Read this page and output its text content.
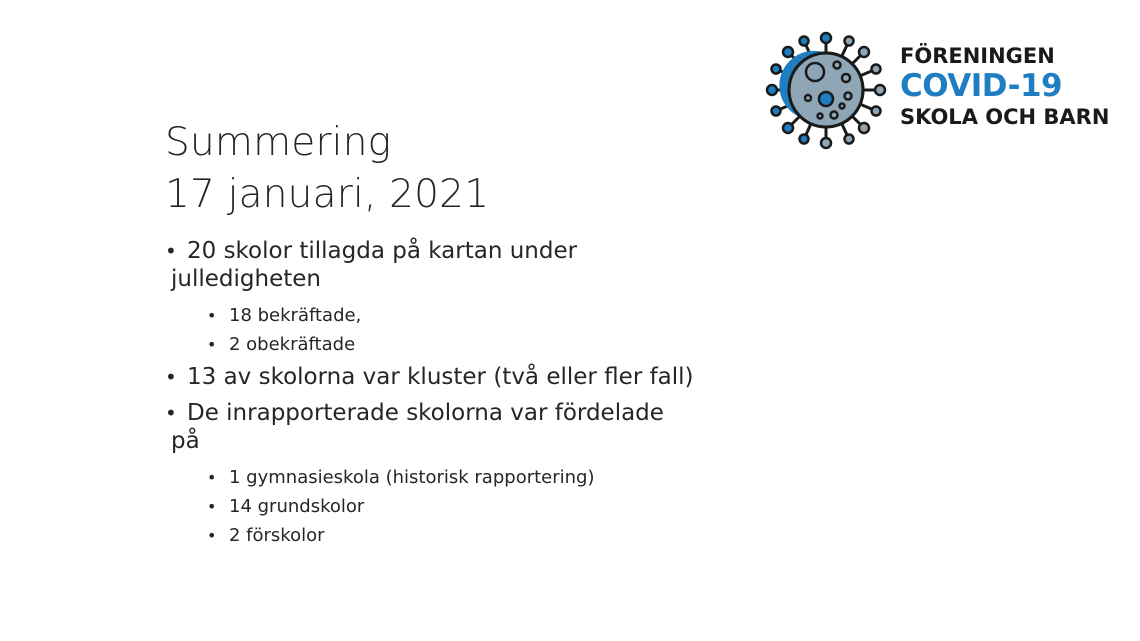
Summering
17 januari, 2021
• 20 skolor tillagda på kartan under
julledigheten
• 18 bekräftade,
• 2 obekräftade
• 13 av skolorna var kluster (två eller fler fall)
• De inrapporterade skolorna var fördelade
på
• 1 gymnasieskola (historisk rapportering)
• 14 grundskolor
• 2 förskolor
FÖRENINGEN
COVID-19
SKOLA OCH BARN
